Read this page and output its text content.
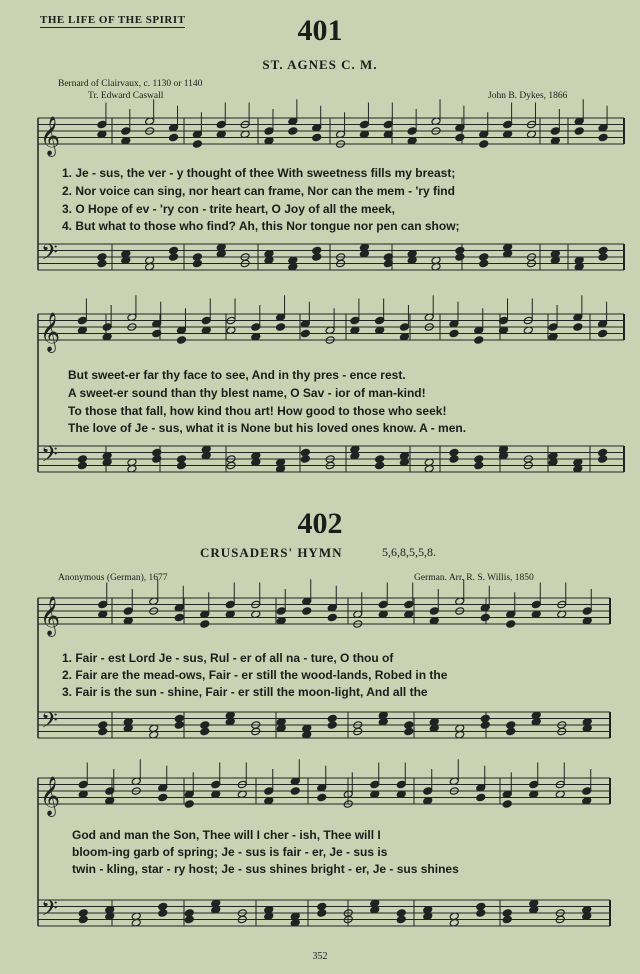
THE LIFE OF THE SPIRIT	401
ST. AGNES C. M.
Bernard of Clairvaux, c. 1130 or 1140
Tr. Edward Caswall	John B. Dykes, 1866
1. Je - sus, the ver - y thought of thee With sweetness fills my breast;
2. Nor voice can sing, nor heart can frame, Nor can the mem - 'ry find
3. O Hope of ev - 'ry con - trite heart, O Joy of all the meek,
4. But what to those who find? Ah, this Nor tongue nor pen can show;
But sweet-er far thy face to see, And in thy pres - ence rest.
A sweet-er sound than thy blest name, O Sav - ior of man-kind!
To those that fall, how kind thou art! How good to those who seek!
The love of Je - sus, what it is None but his loved ones know. A - men.
402
CRUSADERS' HYMN	5,6,8,5,5,8.
Anonymous (German), 1677	German. Arr. R. S. Willis, 1850
1. Fair - est Lord Je - sus, Rul - er of all na - ture, O thou of
2. Fair are the mead-ows, Fair - er still the wood-lands, Robed in the
3. Fair is the sun - shine, Fair - er still the moon-light, And all the
God and man the Son, Thee will I cher - ish, Thee will I
bloom-ing garb of spring; Je - sus is fair - er, Je - sus is
twin - kling, star - ry host; Je - sus shines bright - er, Je - sus shines
352
𝄞
𝄢
𝄞
𝄢
𝄞
𝄢
𝄞
𝄢
